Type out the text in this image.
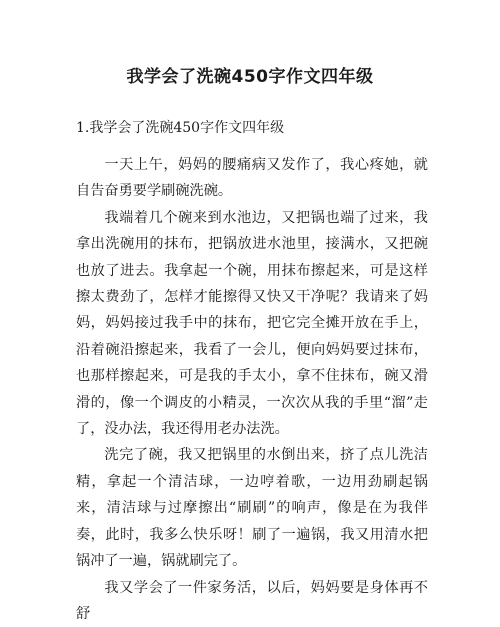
我学会了洗碗450字作文四年级
1.我学会了洗碗450字作文四年级

一天上午，妈妈的腰痛病又发作了，我心疼她，就自告奋勇要学刷碗洗碗。

我端着几个碗来到水池边，又把锅也端了过来，我拿出洗碗用的抹布，把锅放进水池里，接满水，又把碗也放了进去。我拿起一个碗，用抹布擦起来，可是这样擦太费劲了，怎样才能擦得又快又干净呢？我请来了妈妈，妈妈接过我手中的抹布，把它完全摊开放在手上，沿着碗沿擦起来，我看了一会儿，便向妈妈要过抹布，也那样擦起来，可是我的手太小，拿不住抹布，碗又滑滑的，像一个调皮的小精灵，一次次从我的手里“溜”走了，没办法，我还得用老办法洗。

洗完了碗，我又把锅里的水倒出来，挤了点儿洗洁精，拿起一个清洁球，一边哼着歌，一边用劲刷起锅来，清洁球与过摩擦出“刷刷”的响声，像是在为我伴奏，此时，我多么快乐呀！刷了一遍锅，我又用清水把锅冲了一遍，锅就刷完了。

我又学会了一件家务活，以后，妈妈要是身体再不舒
